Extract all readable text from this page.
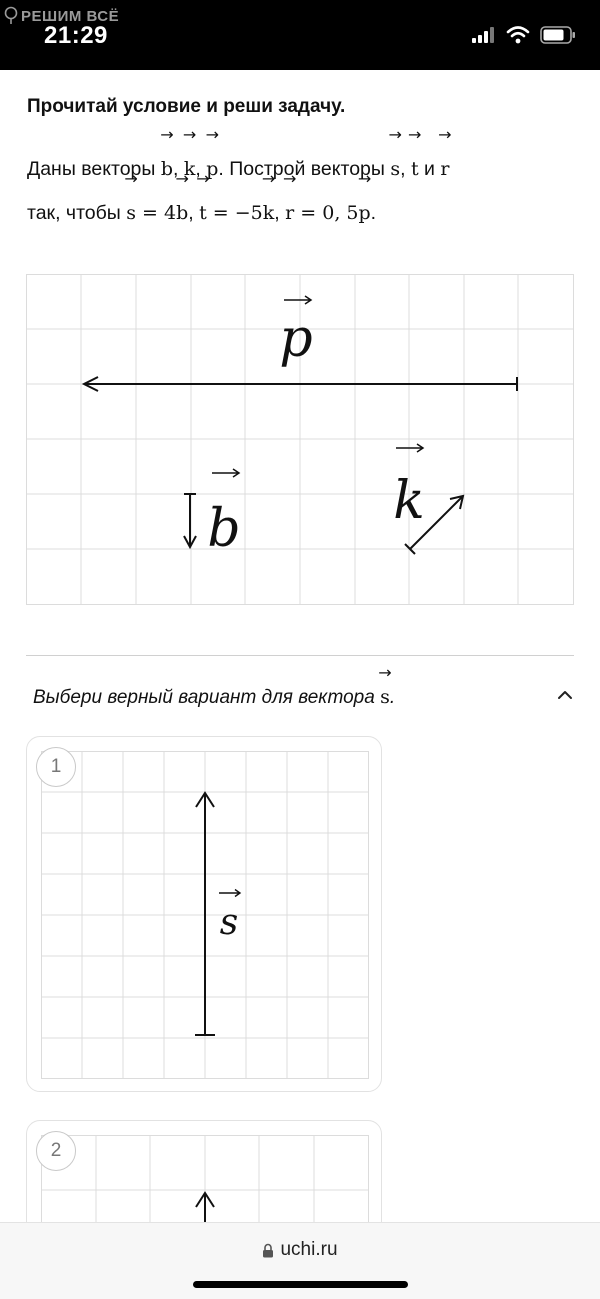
РЕШИМ ВСЁ
21:29
Прочитай условие и реши задачу.
Даны векторы → b, → k, → p. Построй векторы → s, → t и → r
так, чтобы → s = 4→ b, → t = −5→ k, → r = 0, 5→ p.
p
b	k
Выбери верный вариант для вектора → s.
s
1
2
uchi.ru
